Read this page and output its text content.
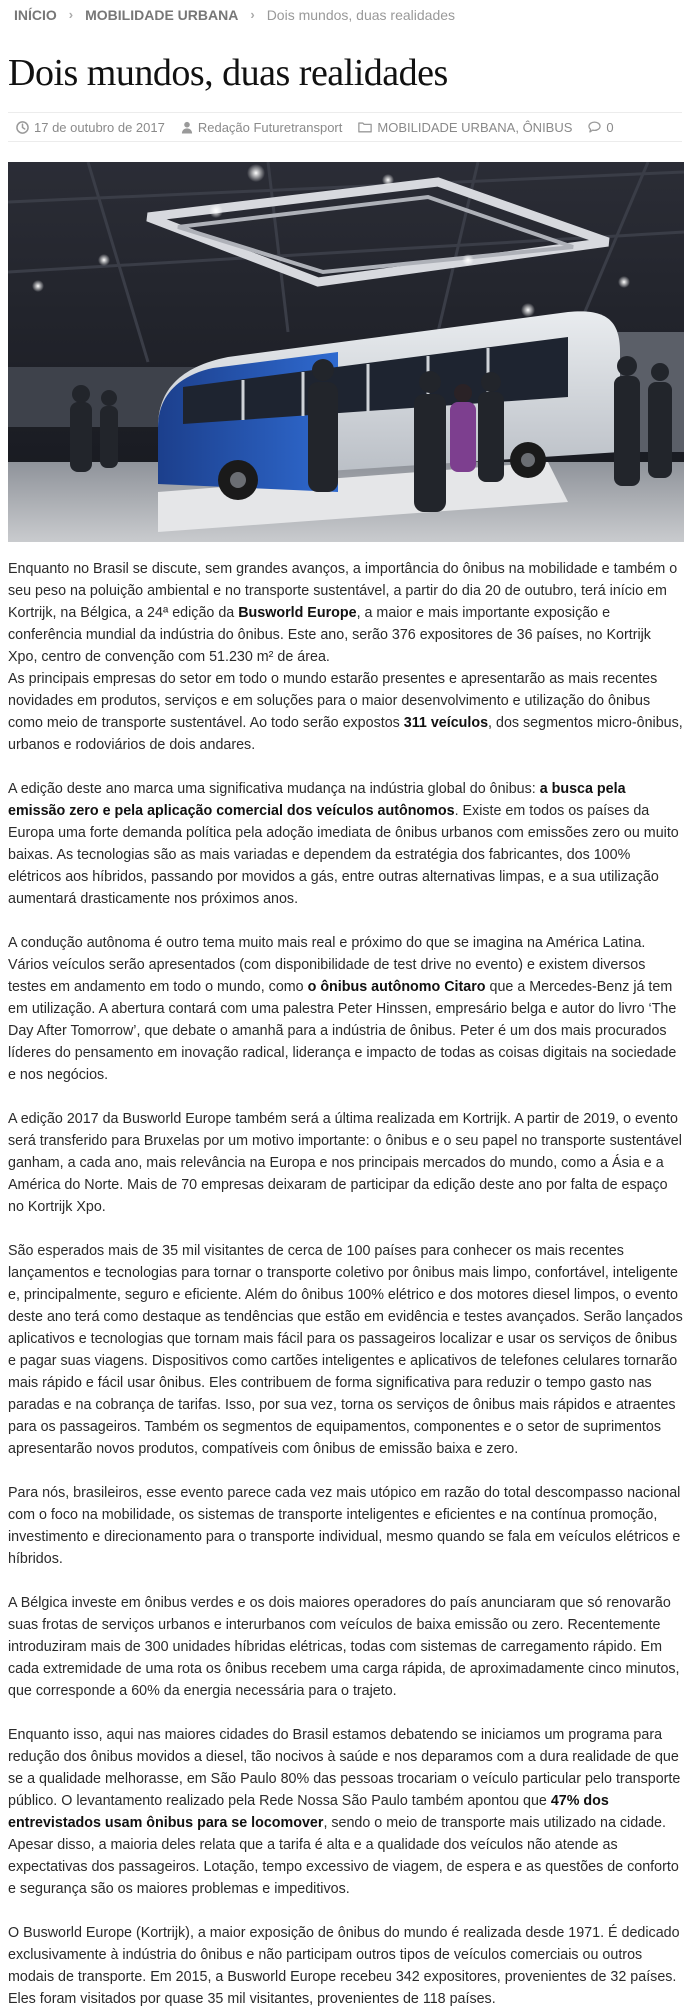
INÍCIO › MOBILIDADE URBANA › Dois mundos, duas realidades
Dois mundos, duas realidades
17 de outubro de 2017	Redação Futuretransport	MOBILIDADE URBANA, ÔNIBUS	0

Enquanto no Brasil se discute, sem grandes avanços, a importância do ônibus na mobilidade e também o seu peso na poluição ambiental e no transporte sustentável, a partir do dia 20 de outubro, terá início em Kortrijk, na Bélgica, a 24ª edição da Busworld Europe, a maior e mais importante exposição e conferência mundial da indústria do ônibus. Este ano, serão 376 expositores de 36 países, no Kortrijk Xpo, centro de convenção com 51.230 m² de área.

As principais empresas do setor em todo o mundo estarão presentes e apresentarão as mais recentes novidades em produtos, serviços e em soluções para o maior desenvolvimento e utilização do ônibus como meio de transporte sustentável. Ao todo serão expostos 311 veículos, dos segmentos micro-ônibus, urbanos e rodoviários de dois andares.

A edição deste ano marca uma significativa mudança na indústria global do ônibus: a busca pela emissão zero e pela aplicação comercial dos veículos autônomos. Existe em todos os países da Europa uma forte demanda política pela adoção imediata de ônibus urbanos com emissões zero ou muito baixas. As tecnologias são as mais variadas e dependem da estratégia dos fabricantes, dos 100% elétricos aos híbridos, passando por movidos a gás, entre outras alternativas limpas, e a sua utilização aumentará drasticamente nos próximos anos.

A condução autônoma é outro tema muito mais real e próximo do que se imagina na América Latina. Vários veículos serão apresentados (com disponibilidade de test drive no evento) e existem diversos testes em andamento em todo o mundo, como o ônibus autônomo Citaro que a Mercedes-Benz já tem em utilização. A abertura contará com uma palestra Peter Hinssen, empresário belga e autor do livro ‘The Day After Tomorrow’, que debate o amanhã para a indústria de ônibus. Peter é um dos mais procurados líderes do pensamento em inovação radical, liderança e impacto de todas as coisas digitais na sociedade e nos negócios.

A edição 2017 da Busworld Europe também será a última realizada em Kortrijk. A partir de 2019, o evento será transferido para Bruxelas por um motivo importante: o ônibus e o seu papel no transporte sustentável ganham, a cada ano, mais relevância na Europa e nos principais mercados do mundo, como a Ásia e a América do Norte. Mais de 70 empresas deixaram de participar da edição deste ano por falta de espaço no Kortrijk Xpo.

São esperados mais de 35 mil visitantes de cerca de 100 países para conhecer os mais recentes lançamentos e tecnologias para tornar o transporte coletivo por ônibus mais limpo, confortável, inteligente e, principalmente, seguro e eficiente. Além do ônibus 100% elétrico e dos motores diesel limpos, o evento deste ano terá como destaque as tendências que estão em evidência e testes avançados. Serão lançados aplicativos e tecnologias que tornam mais fácil para os passageiros localizar e usar os serviços de ônibus e pagar suas viagens. Dispositivos como cartões inteligentes e aplicativos de telefones celulares tornarão mais rápido e fácil usar ônibus. Eles contribuem de forma significativa para reduzir o tempo gasto nas paradas e na cobrança de tarifas. Isso, por sua vez, torna os serviços de ônibus mais rápidos e atraentes para os passageiros. Também os segmentos de equipamentos, componentes e o setor de suprimentos apresentarão novos produtos, compatíveis com ônibus de emissão baixa e zero.

Para nós, brasileiros, esse evento parece cada vez mais utópico em razão do total descompasso nacional com o foco na mobilidade, os sistemas de transporte inteligentes e eficientes e na contínua promoção, investimento e direcionamento para o transporte individual, mesmo quando se fala em veículos elétricos e híbridos.

A Bélgica investe em ônibus verdes e os dois maiores operadores do país anunciaram que só renovarão suas frotas de serviços urbanos e interurbanos com veículos de baixa emissão ou zero. Recentemente introduziram mais de 300 unidades híbridas elétricas, todas com sistemas de carregamento rápido. Em cada extremidade de uma rota os ônibus recebem uma carga rápida, de aproximadamente cinco minutos, que corresponde a 60% da energia necessária para o trajeto.

Enquanto isso, aqui nas maiores cidades do Brasil estamos debatendo se iniciamos um programa para redução dos ônibus movidos a diesel, tão nocivos à saúde e nos deparamos com a dura realidade de que se a qualidade melhorasse, em São Paulo 80% das pessoas trocariam o veículo particular pelo transporte público. O levantamento realizado pela Rede Nossa São Paulo também apontou que 47% dos entrevistados usam ônibus para se locomover, sendo o meio de transporte mais utilizado na cidade. Apesar disso, a maioria deles relata que a tarifa é alta e a qualidade dos veículos não atende as expectativas dos passageiros. Lotação, tempo excessivo de viagem, de espera e as questões de conforto e segurança são os maiores problemas e impeditivos.

O Busworld Europe (Kortrijk), a maior exposição de ônibus do mundo é realizada desde 1971. É dedicado exclusivamente à indústria do ônibus e não participam outros tipos de veículos comerciais ou outros modais de transporte. Em 2015, a Busworld Europe recebeu 342 expositores, provenientes de 32 países. Eles foram visitados por quase 35 mil visitantes, provenientes de 118 países.
